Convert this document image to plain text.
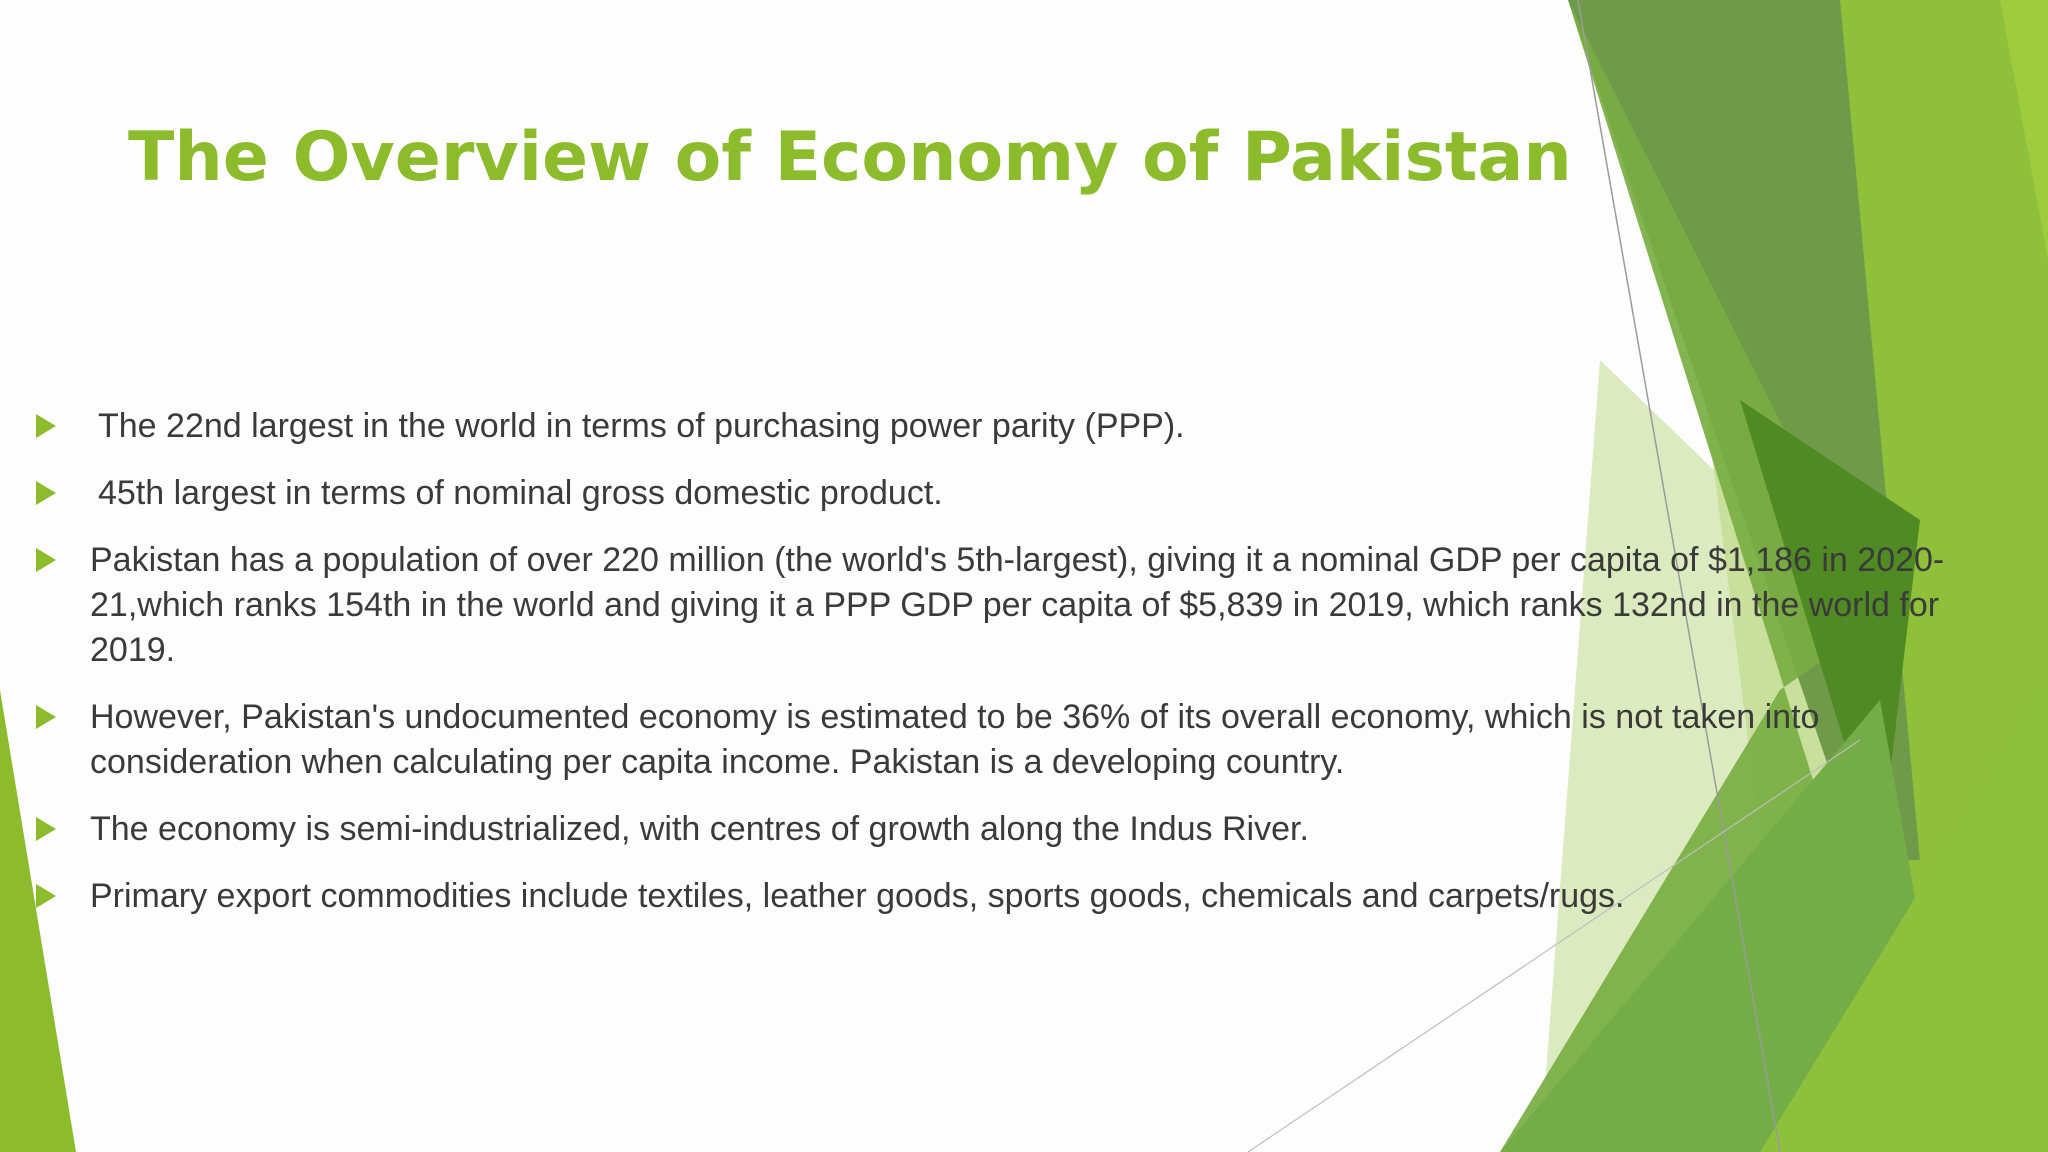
The Overview of Economy of Pakistan
The 22nd largest in the world in terms of purchasing power parity (PPP).
45th largest in terms of nominal gross domestic product.
Pakistan has a population of over 220 million (the world's 5th-largest), giving it a nominal GDP per capita of $1,186 in 2020-21,which ranks 154th in the world and giving it a PPP GDP per capita of $5,839 in 2019, which ranks 132nd in the world for 2019.
However, Pakistan's undocumented economy is estimated to be 36% of its overall economy, which is not taken into consideration when calculating per capita income. Pakistan is a developing country.
The economy is semi-industrialized, with centres of growth along the Indus River.
Primary export commodities include textiles, leather goods, sports goods, chemicals and carpets/rugs.
